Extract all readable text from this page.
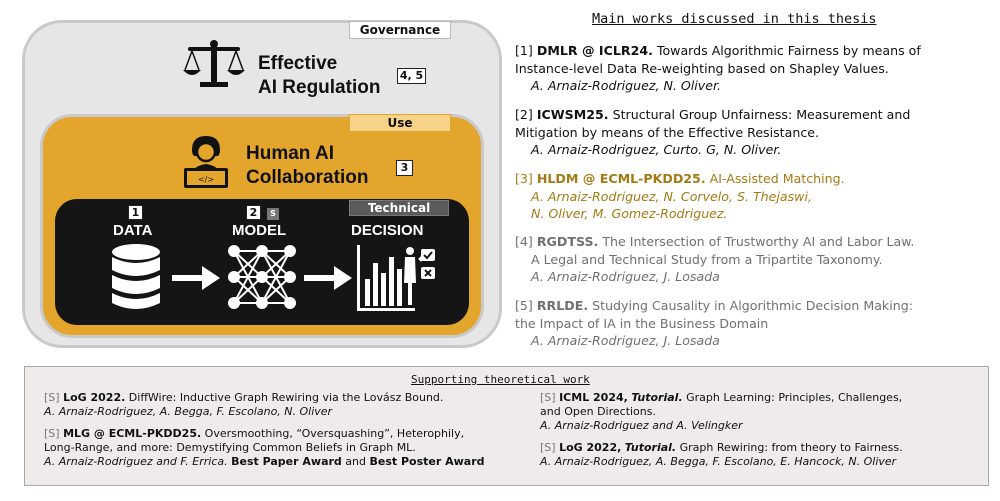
Governance
Effective
AI Regulation
4, 5
Use
</>
Human AI
Collaboration	3
Technical
1
DATA
2	S
MODEL	DECISION
Main works discussed in this thesis
[1] DMLR @ ICLR24. Towards Algorithmic Fairness by means of
Instance-level Data Re-weighting based on Shapley Values.
A. Arnaiz-Rodriguez, N. Oliver.
[2] ICWSM25. Structural Group Unfairness: Measurement and
Mitigation by means of the Effective Resistance.
A. Arnaiz-Rodriguez, Curto. G, N. Oliver.
[3] HLDM @ ECML-PKDD25. AI-Assisted Matching.
A. Arnaiz-Rodriguez, N. Corvelo, S. Thejaswi,
N. Oliver, M. Gomez-Rodriguez.
[4] RGDTSS. The Intersection of Trustworthy AI and Labor Law.
A Legal and Technical Study from a Tripartite Taxonomy.
A. Arnaiz-Rodriguez, J. Losada
[5] RRLDE. Studying Causality in Algorithmic Decision Making:
the Impact of IA in the Business Domain
A. Arnaiz-Rodriguez, J. Losada
Supporting theoretical work
[S] LoG 2022. DiffWire: Inductive Graph Rewiring via the Lovász Bound.
A. Arnaiz-Rodriguez, A. Begga, F. Escolano, N. Oliver
[S] MLG @ ECML-PKDD25. Oversmoothing, “Oversquashing”, Heterophily,
Long-Range, and more: Demystifying Common Beliefs in Graph ML.
A. Arnaiz-Rodriguez and F. Errica. Best Paper Award and Best Poster Award
[S] ICML 2024, Tutorial. Graph Learning: Principles, Challenges,
and Open Directions.
A. Arnaiz-Rodriguez and A. Velingker
[S] LoG 2022, Tutorial. Graph Rewiring: from theory to Fairness.
A. Arnaiz-Rodriguez, A. Begga, F. Escolano, E. Hancock, N. Oliver
